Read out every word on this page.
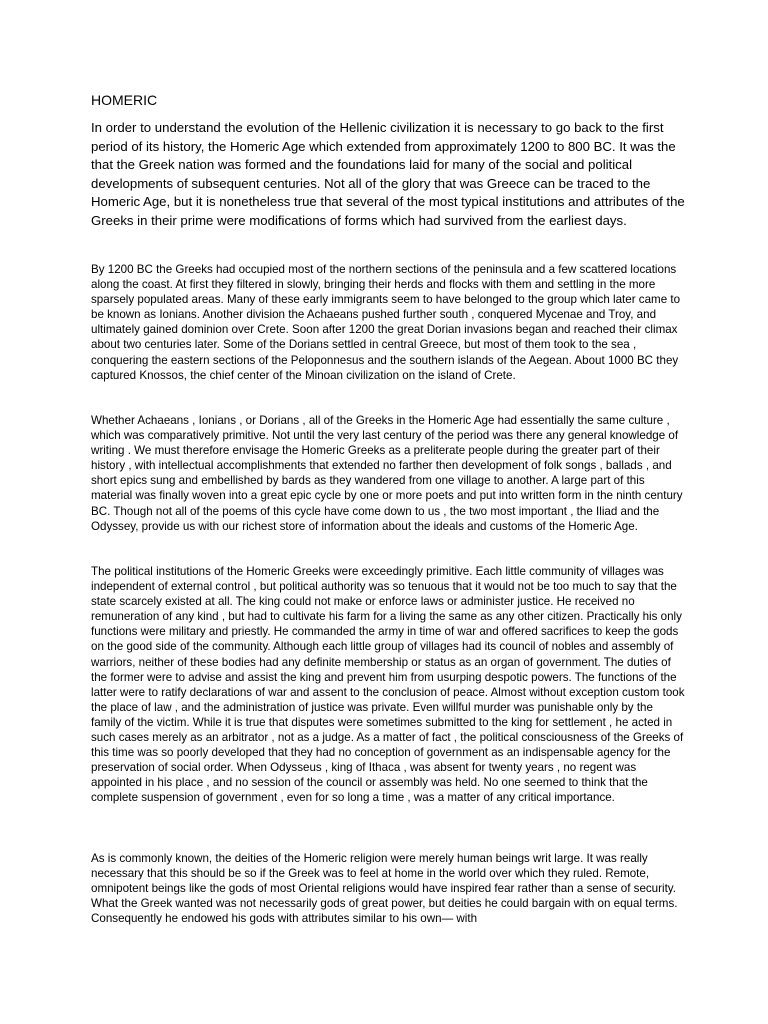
HOMERIC

In order to understand the evolution of the Hellenic civilization it is necessary to go back to the first period of its history, the Homeric Age which extended from approximately 1200 to 800 BC. It was the that the Greek nation was formed and the foundations laid for many of the social and political developments of subsequent centuries. Not all of the glory that was Greece can be traced to the Homeric Age, but it is nonetheless true that several of the most typical institutions and attributes of the Greeks in their prime were modifications of forms which had survived from the earliest days.

By 1200 BC the Greeks had occupied most of the northern sections of the peninsula and a few scattered locations along the coast. At first they filtered in slowly, bringing their herds and flocks with them and settling in the more sparsely populated areas. Many of these early immigrants seem to have belonged to the group which later came to be known as Ionians. Another division the Achaeans pushed further south , conquered Mycenae and Troy, and ultimately gained dominion over Crete. Soon after 1200 the great Dorian invasions began and reached their climax about two centuries later. Some of the Dorians settled in central Greece, but most of them took to the sea , conquering the eastern sections of the Peloponnesus and the southern islands of the Aegean. About 1000 BC they captured Knossos, the chief center of the Minoan civilization on the island of Crete.

Whether Achaeans , Ionians , or Dorians , all of the Greeks in the Homeric Age had essentially the same culture , which was comparatively primitive. Not until the very last century of the period was there any general knowledge of writing . We must therefore envisage the Homeric Greeks as a preliterate people during the greater part of their history , with intellectual accomplishments that extended no farther then development of folk songs , ballads , and short epics sung and embellished by bards as they wandered from one village to another. A large part of this material was finally woven into a great epic cycle by one or more poets and put into written form in the ninth century BC. Though not all of the poems of this cycle have come down to us , the two most important , the Iliad and the Odyssey, provide us with our richest store of information about the ideals and customs of the Homeric Age.

The political institutions of the Homeric Greeks were exceedingly primitive. Each little community of villages was independent of external control , but political authority was so tenuous that it would not be too much to say that the state scarcely existed at all. The king could not make or enforce laws or administer justice. He received no remuneration of any kind , but had to cultivate his farm for a living the same as any other citizen. Practically his only functions were military and priestly. He commanded the army in time of war and offered sacrifices to keep the gods on the good side of the community. Although each little group of villages had its council of nobles and assembly of warriors, neither of these bodies had any definite membership or status as an organ of government. The duties of the former were to advise and assist the king and prevent him from usurping despotic powers. The functions of the latter were to ratify declarations of war and assent to the conclusion of peace. Almost without exception custom took the place of law , and the administration of justice was private. Even willful murder was punishable only by the family of the victim. While it is true that disputes were sometimes submitted to the king for settlement , he acted in such cases merely as an arbitrator , not as a judge. As a matter of fact , the political consciousness of the Greeks of this time was so poorly developed that they had no conception of government as an indispensable agency for the preservation of social order. When Odysseus , king of Ithaca , was absent for twenty years , no regent was appointed in his place , and no session of the council or assembly was held. No one seemed to think that the complete suspension of government , even for so long a time , was a matter of any critical importance.

As is commonly known, the deities of the Homeric religion were merely human beings writ large. It was really necessary that this should be so if the Greek was to feel at home in the world over which they ruled. Remote, omnipotent beings like the gods of most Oriental religions would have inspired fear rather than a sense of security. What the Greek wanted was not necessarily gods of great power, but deities he could bargain with on equal terms. Consequently he endowed his gods with attributes similar to his own— with
